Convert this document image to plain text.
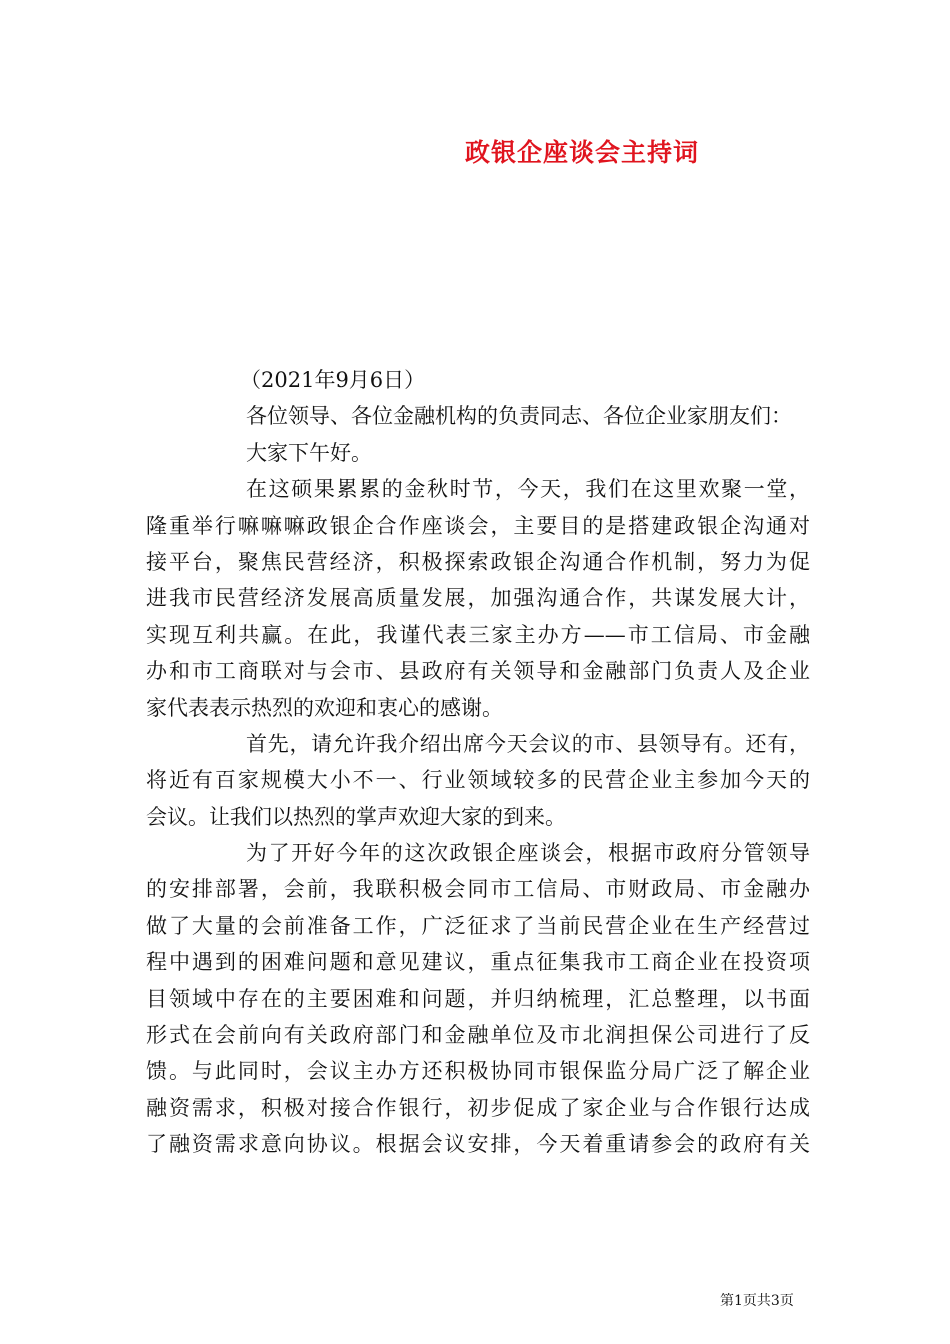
政银企座谈会主持词
（2021年9月6日）
各位领导、各位金融机构的负责同志、各位企业家朋友们：
大家下午好。
在这硕果累累的金秋时节，今天，我们在这里欢聚一堂，
隆重举行嘛嘛嘛政银企合作座谈会，主要目的是搭建政银企沟通对
接平台，聚焦民营经济，积极探索政银企沟通合作机制，努力为促
进我市民营经济发展高质量发展，加强沟通合作，共谋发展大计，
实现互利共赢。在此，我谨代表三家主办方——市工信局、市金融
办和市工商联对与会市、县政府有关领导和金融部门负责人及企业
家代表表示热烈的欢迎和衷心的感谢。
首先，请允许我介绍出席今天会议的市、县领导有。还有，
将近有百家规模大小不一、行业领域较多的民营企业主参加今天的
会议。让我们以热烈的掌声欢迎大家的到来。
为了开好今年的这次政银企座谈会，根据市政府分管领导
的安排部署，会前，我联积极会同市工信局、市财政局、市金融办
做了大量的会前准备工作，广泛征求了当前民营企业在生产经营过
程中遇到的困难问题和意见建议，重点征集我市工商企业在投资项
目领域中存在的主要困难和问题，并归纳梳理，汇总整理，以书面
形式在会前向有关政府部门和金融单位及市北润担保公司进行了反
馈。与此同时，会议主办方还积极协同市银保监分局广泛了解企业
融资需求，积极对接合作银行，初步促成了家企业与合作银行达成
了融资需求意向协议。根据会议安排，今天着重请参会的政府有关
第1页共3页
